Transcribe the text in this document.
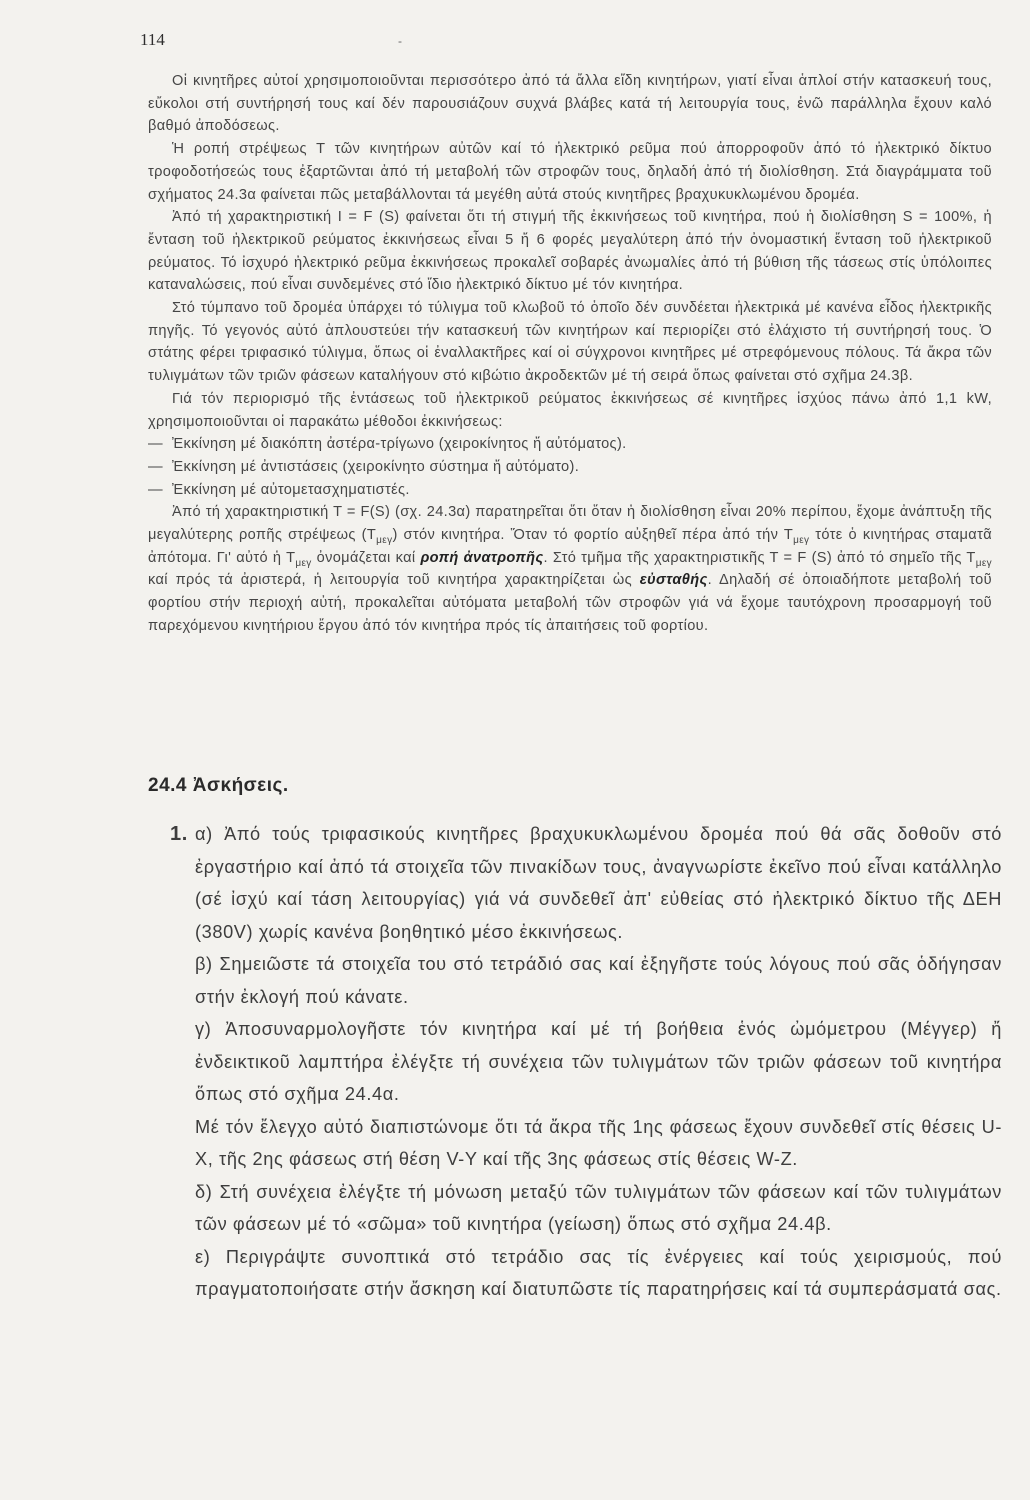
114	-

Οἱ κινητῆρες αὐτοί χρησιμοποιοῦνται περισσότερο ἀπό τά ἄλλα εἴδη κινητήρων, γιατί εἶναι ἁπλοί στήν κατασκευή τους, εὔκολοι στή συντήρησή τους καί δέν παρουσιάζουν συχνά βλάβες κατά τή λειτουργία τους, ἐνῶ παράλληλα ἔχουν καλό βαθμό ἀποδόσεως.

Ἡ ροπή στρέψεως Τ τῶν κινητήρων αὐτῶν καί τό ἠλεκτρικό ρεῦμα πού ἀπορροφοῦν ἀπό τό ἠλεκτρικό δίκτυο τροφοδοτήσεώς τους ἐξαρτῶνται ἀπό τή μεταβολή τῶν στροφῶν τους, δηλαδή ἀπό τή διολίσθηση. Στά διαγράμματα τοῦ σχήματος 24.3α φαίνεται πῶς μεταβάλλονται τά μεγέθη αὐτά στούς κινητῆρες βραχυκυκλωμένου δρομέα.

Ἀπό τή χαρακτηριστική I = F (S) φαίνεται ὅτι τή στιγμή τῆς ἐκκινήσεως τοῦ κινητήρα, πού ἡ διολίσθηση S = 100%, ἡ ἔνταση τοῦ ἠλεκτρικοῦ ρεύματος ἐκκινήσεως εἶναι 5 ἤ 6 φορές μεγαλύτερη ἀπό τήν ὀνομαστική ἔνταση τοῦ ἠλεκτρικοῦ ρεύματος. Τό ἰσχυρό ἠλεκτρικό ρεῦμα ἐκκινήσεως προκαλεῖ σοβαρές ἀνωμαλίες ἀπό τή βύθιση τῆς τάσεως στίς ὑπόλοιπες καταναλώσεις, πού εἶναι συνδεμένες στό ἴδιο ἠλεκτρικό δίκτυο μέ τόν κινητήρα.

Στό τύμπανο τοῦ δρομέα ὑπάρχει τό τύλιγμα τοῦ κλωβοῦ τό ὁποῖο δέν συνδέεται ἠλεκτρικά μέ κανένα εἶδος ἠλεκτρικῆς πηγῆς. Τό γεγονός αὐτό ἁπλουστεύει τήν κατασκευή τῶν κινητήρων καί περιορίζει στό ἐλάχιστο τή συντήρησή τους. Ὁ στάτης φέρει τριφασικό τύλιγμα, ὅπως οἱ ἐναλλακτῆρες καί οἱ σύγχρονοι κινητῆρες μέ στρεφόμενους πόλους. Τά ἄκρα τῶν τυλιγμάτων τῶν τριῶν φάσεων καταλήγουν στό κιβώτιο ἀκροδεκτῶν μέ τή σειρά ὅπως φαίνεται στό σχῆμα 24.3β.

Γιά τόν περιορισμό τῆς ἐντάσεως τοῦ ἠλεκτρικοῦ ρεύματος ἐκκινήσεως σέ κινητῆρες ἰσχύος πάνω ἀπό 1,1 kW, χρησιμοποιοῦνται οἱ παρακάτω μέθοδοι ἐκκινήσεως:

— Ἐκκίνηση μέ διακόπτη ἀστέρα-τρίγωνο (χειροκίνητος ἤ αὐτόματος).

— Ἐκκίνηση μέ ἀντιστάσεις (χειροκίνητο σύστημα ἤ αὐτόματο).

— Ἐκκίνηση μέ αὐτομετασχηματιστές.

Ἀπό τή χαρακτηριστική Τ = F(S) (σχ. 24.3α) παρατηρεῖται ὅτι ὅταν ἡ διολίσθηση εἶναι 20% περίπου, ἔχομε ἀνάπτυξη τῆς μεγαλύτερης ροπῆς στρέψεως $(T_{\mu\varepsilon\gamma})$ στόν κινητήρα. Ὅταν τό φορτίο αὐξηθεῖ πέρα ἀπό τήν $T_{\mu\varepsilon\gamma}$ τότε ὁ κινητήρας σταματᾶ ἀπότομα. Γι' αὐτό ἡ $T_{\mu\varepsilon\gamma}$ ὀνομάζεται καί ροπή ἀνατροπῆς. Στό τμῆμα τῆς χαρακτηριστικῆς Τ = F (S) ἀπό τό σημεῖο τῆς $T_{\mu\varepsilon\gamma}$ καί πρός τά ἀριστερά, ἡ λειτουργία τοῦ κινητήρα χαρακτηρίζεται ὡς εὐσταθής. Δηλαδή σέ ὁποιαδήποτε μεταβολή τοῦ φορτίου στήν περιοχή αὐτή, προκαλεῖται αὐτόματα μεταβολή τῶν στροφῶν γιά νά ἔχομε ταυτόχρονη προσαρμογή τοῦ παρεχόμενου κινητήριου ἔργου ἀπό τόν κινητήρα πρός τίς ἀπαιτήσεις τοῦ φορτίου.

24.4 Ἀσκήσεις.
1. α) Ἀπό τούς τριφασικούς κινητῆρες βραχυκυκλωμένου δρομέα πού θά σᾶς δοθοῦν στό ἐργαστήριο καί ἀπό τά στοιχεῖα τῶν πινακίδων τους, ἀναγνωρίστε ἐκεῖνο πού εἶναι κατάλληλο (σέ ἰσχύ καί τάση λειτουργίας) γιά νά συνδεθεῖ ἀπ' εὐθείας στό ἠλεκτρικό δίκτυο τῆς ΔΕΗ (380V) χωρίς κανένα βοηθητικό μέσο ἐκκινήσεως.

β) Σημειῶστε τά στοιχεῖα του στό τετράδιό σας καί ἐξηγῆστε τούς λόγους πού σᾶς ὁδήγησαν στήν ἐκλογή πού κάνατε.

γ) Ἀποσυναρμολογῆστε τόν κινητήρα καί μέ τή βοήθεια ἑνός ὠμόμετρου (Μέγγερ) ἤ ἐνδεικτικοῦ λαμπτήρα ἐλέγξτε τή συνέχεια τῶν τυλιγμάτων τῶν τριῶν φάσεων τοῦ κινητήρα ὅπως στό σχῆμα 24.4α.

Μέ τόν ἔλεγχο αὐτό διαπιστώνομε ὅτι τά ἄκρα τῆς 1ης φάσεως ἔχουν συνδεθεῖ στίς θέσεις U-X, τῆς 2ης φάσεως στή θέση V-Y καί τῆς 3ης φάσεως στίς θέσεις W-Z.

δ) Στή συνέχεια ἐλέγξτε τή μόνωση μεταξύ τῶν τυλιγμάτων τῶν φάσεων καί τῶν τυλιγμάτων τῶν φάσεων μέ τό «σῶμα» τοῦ κινητήρα (γείωση) ὅπως στό σχῆμα 24.4β.

ε) Περιγράψτε συνοπτικά στό τετράδιο σας τίς ἐνέργειες καί τούς χειρισμούς, πού πραγματοποιήσατε στήν ἄσκηση καί διατυπῶστε τίς παρατηρήσεις καί τά συμπεράσματά σας.
